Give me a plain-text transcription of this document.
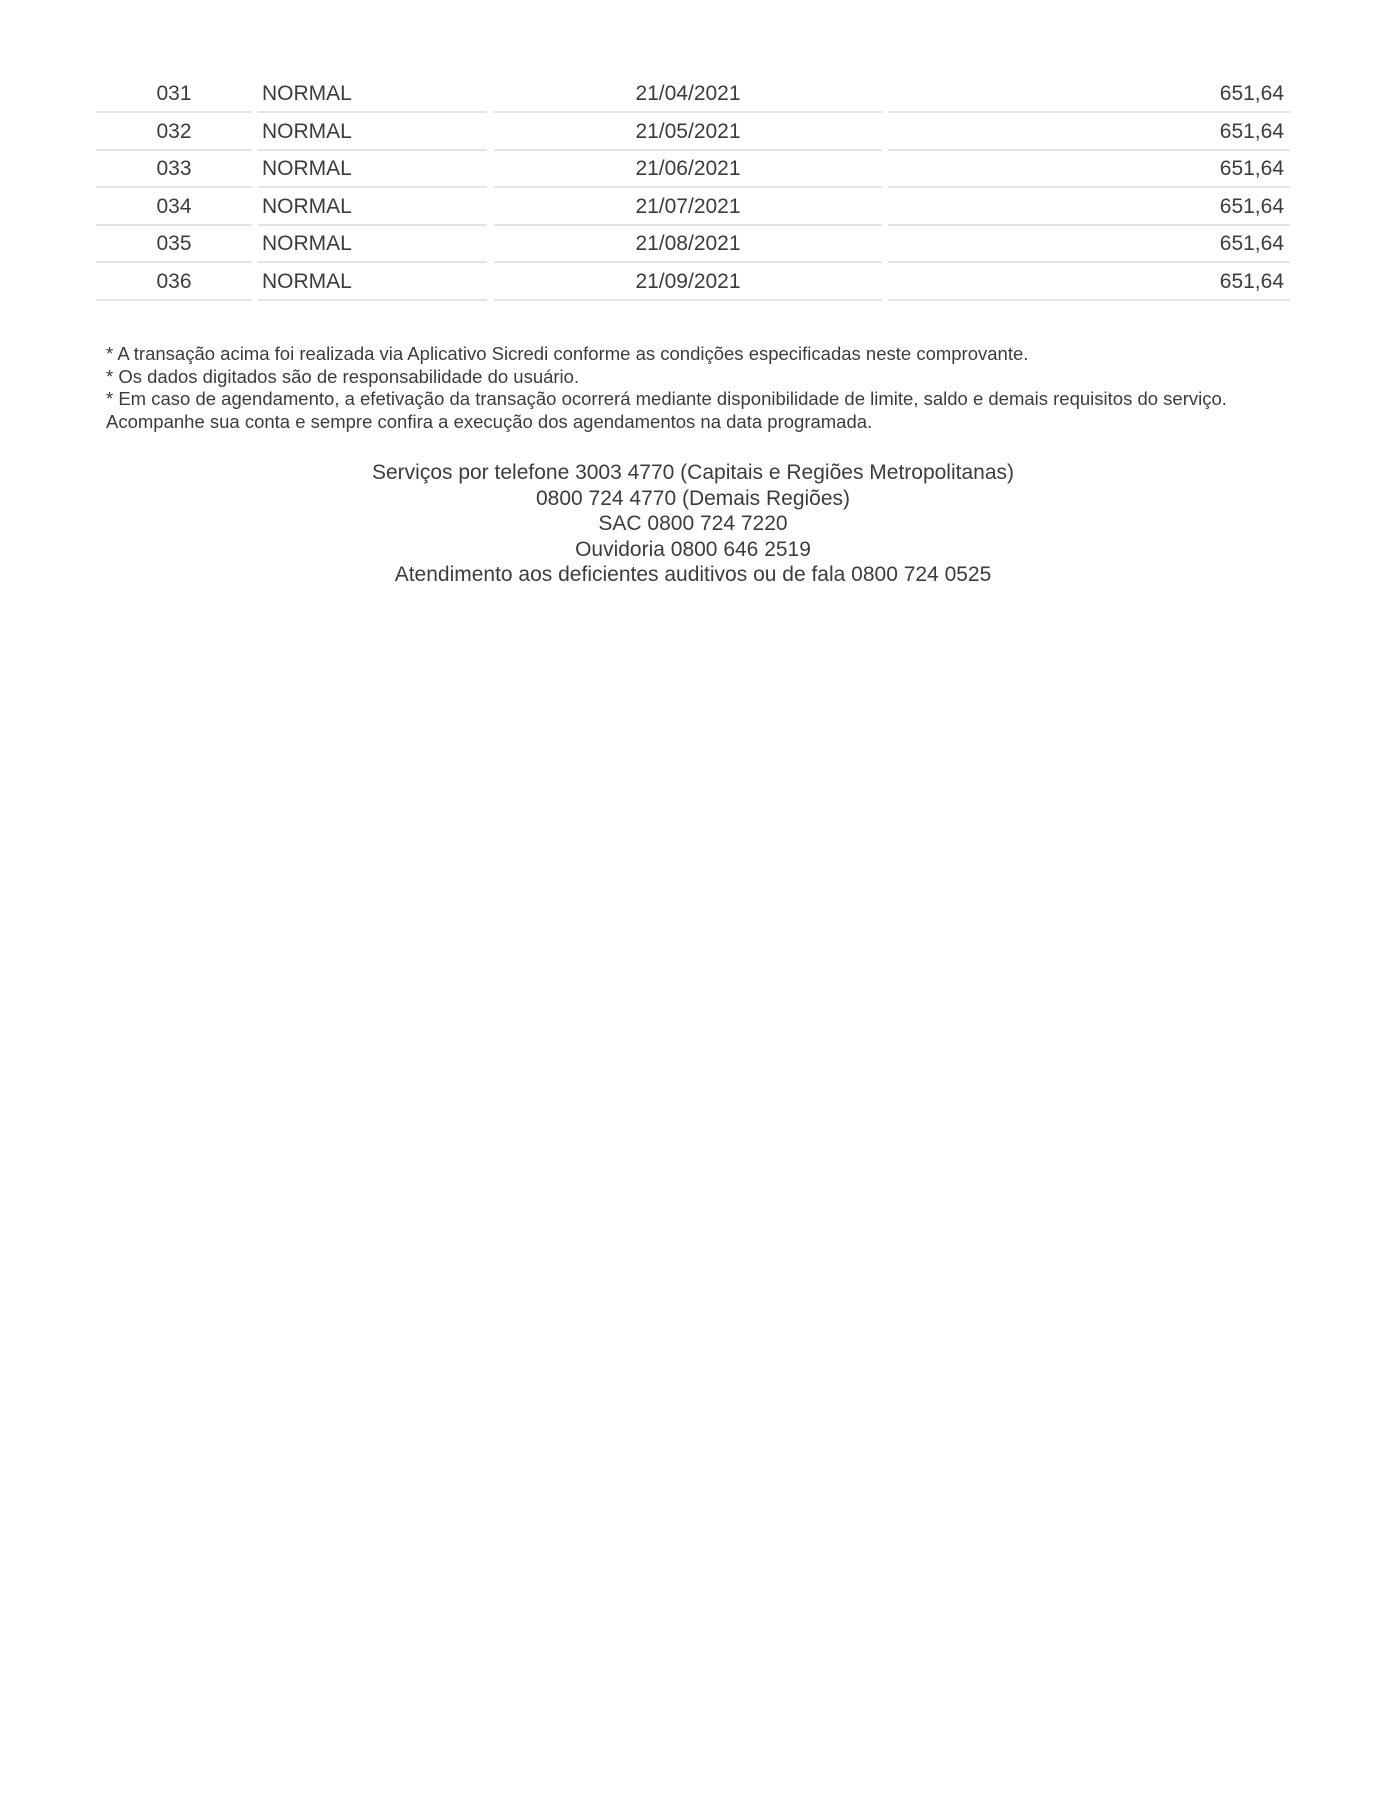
031	NORMAL	21/04/2021	651,64
032	NORMAL	21/05/2021	651,64
033	NORMAL	21/06/2021	651,64
034	NORMAL	21/07/2021	651,64
035	NORMAL	21/08/2021	651,64
036	NORMAL	21/09/2021	651,64

* A transação acima foi realizada via Aplicativo Sicredi conforme as condições especificadas neste comprovante.

* Os dados digitados são de responsabilidade do usuário.

* Em caso de agendamento, a efetivação da transação ocorrerá mediante disponibilidade de limite, saldo e demais requisitos do serviço. Acompanhe sua conta e sempre confira a execução dos agendamentos na data programada.

Serviços por telefone 3003 4770 (Capitais e Regiões Metropolitanas)

0800 724 4770 (Demais Regiões)

SAC 0800 724 7220

Ouvidoria 0800 646 2519

Atendimento aos deficientes auditivos ou de fala 0800 724 0525
